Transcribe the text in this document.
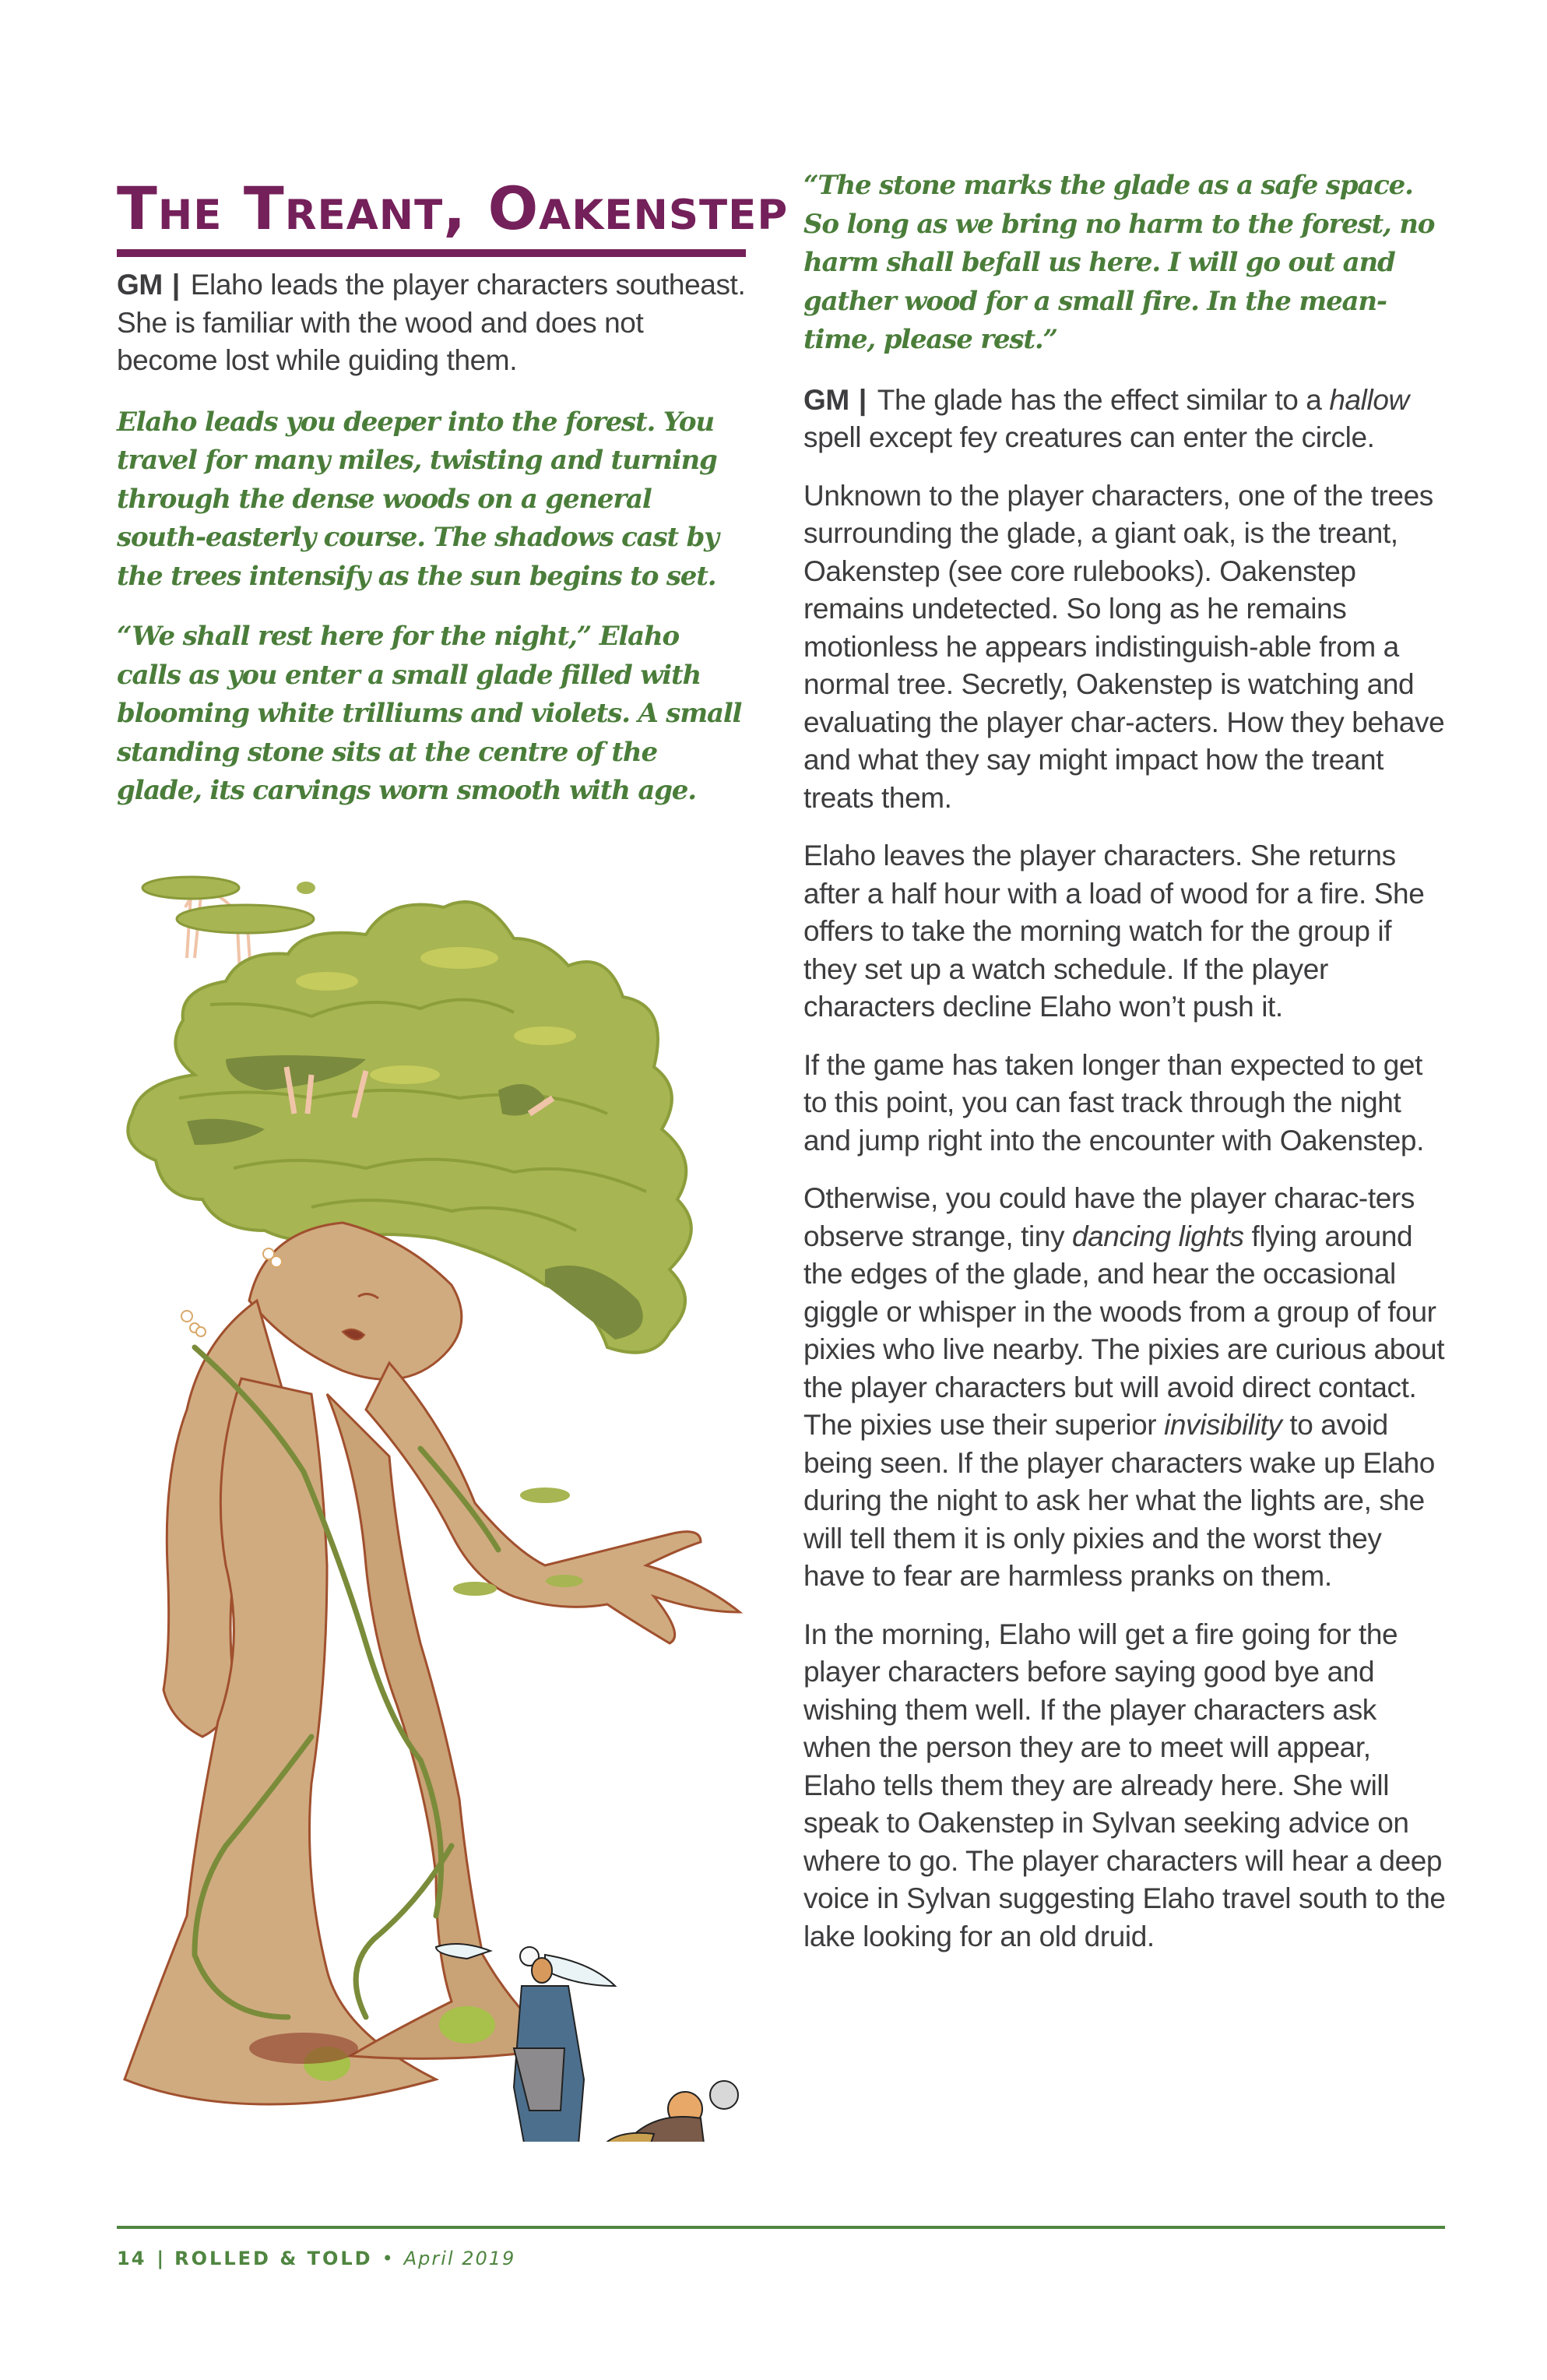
The Treant, Oakenstep

GM | Elaho leads the player characters southeast. She is familiar with the wood and does not become lost while guiding them.

Elaho leads you deeper into the forest. You travel for many miles, twisting and turning through the dense woods on a general south-easterly course. The shadows cast by the trees intensify as the sun begins to set.

“We shall rest here for the night,” Elaho calls as you enter a small glade filled with blooming white trilliums and violets. A small standing stone sits at the centre of the glade, its carvings worn smooth with age.

“The stone marks the glade as a safe space. So long as we bring no harm to the forest, no harm shall befall us here. I will go out and gather wood for a small fire. In the mean-time, please rest.”

GM | The glade has the effect similar to a hallow spell except fey creatures can enter the circle.

Unknown to the player characters, one of the trees surrounding the glade, a giant oak, is the treant, Oakenstep (see core rulebooks). Oakenstep remains undetected. So long as he remains motionless he appears indistinguish-able from a normal tree. Secretly, Oakenstep is watching and evaluating the player char-acters. How they behave and what they say might impact how the treant treats them.

Elaho leaves the player characters. She returns after a half hour with a load of wood for a fire. She offers to take the morning watch for the group if they set up a watch schedule. If the player characters decline Elaho won’t push it.

If the game has taken longer than expected to get to this point, you can fast track through the night and jump right into the encounter with Oakenstep.

Otherwise, you could have the player charac-ters observe strange, tiny dancing lights flying around the edges of the glade, and hear the occasional giggle or whisper in the woods from a group of four pixies who live nearby. The pixies are curious about the player characters but will avoid direct contact. The pixies use their superior invisibility to avoid being seen. If the player characters wake up Elaho during the night to ask her what the lights are, she will tell them it is only pixies and the worst they have to fear are harmless pranks on them.

In the morning, Elaho will get a fire going for the player characters before saying good bye and wishing them well. If the player characters ask when the person they are to meet will appear, Elaho tells them they are already here. She will speak to Oakenstep in Sylvan seeking advice on where to go. The player characters will hear a deep voice in Sylvan suggesting Elaho travel south to the lake looking for an old druid.

14 | ROLLED & TOLD • April 2019
